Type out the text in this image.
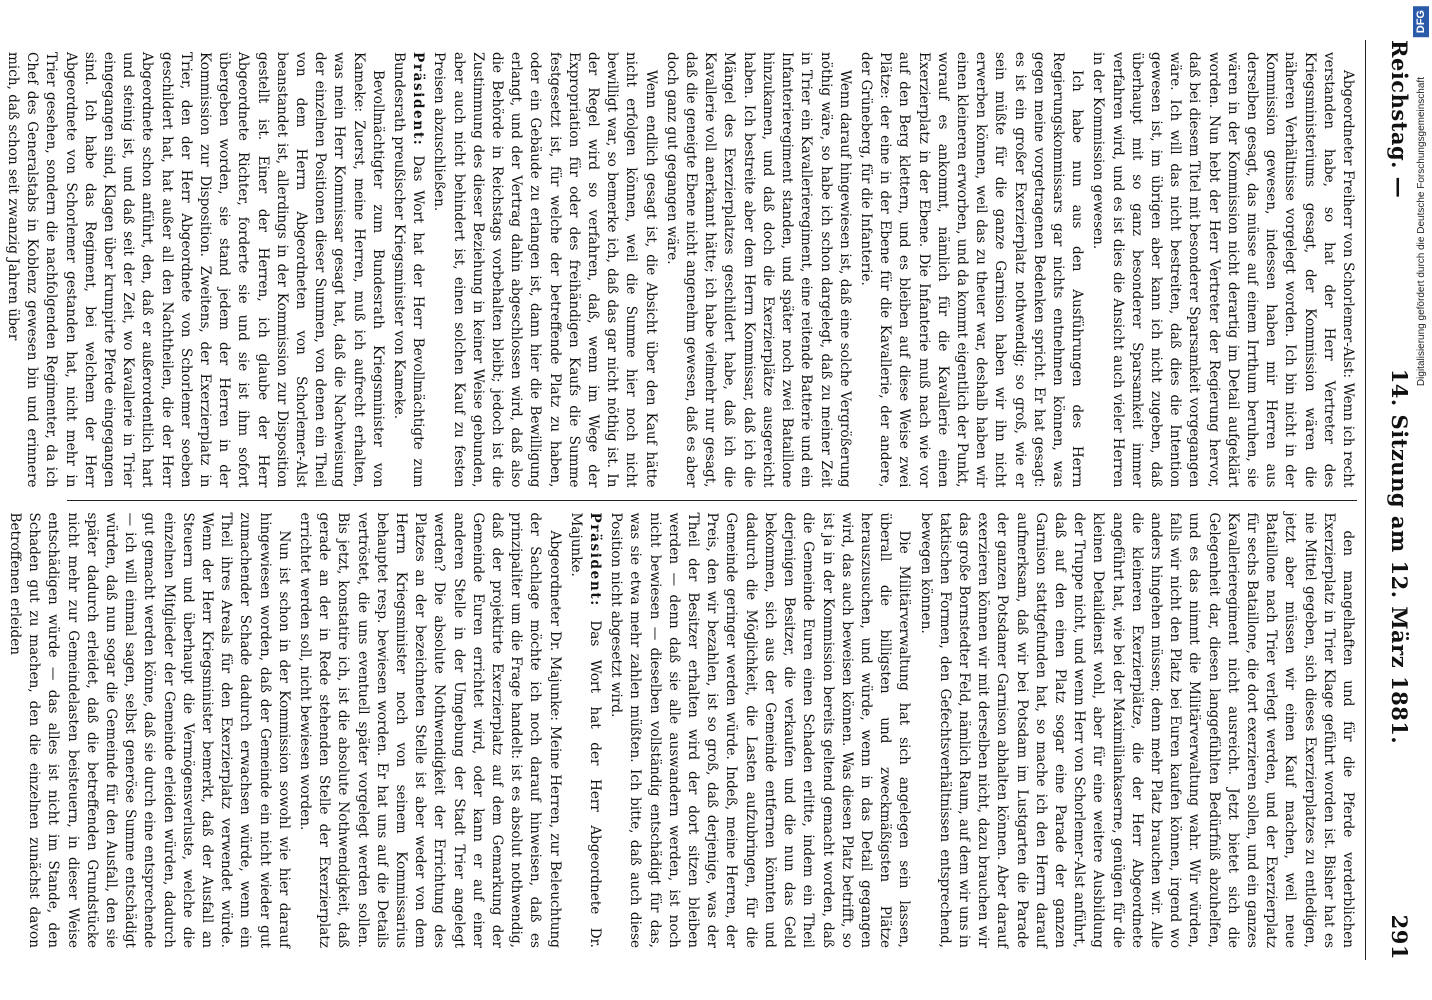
Reichstag. —
14. Sitzung am 12. März 1881.
291

Abgeordneter Freiherr von Schorlemer-Alst: Wenn ich recht verstanden habe, so hat der Herr Vertreter des Kriegsministeriums gesagt, der Kommission wären die näheren Verhältnisse vorgelegt worden. Ich bin nicht in der Kommission gewesen, indessen haben mir Herren aus derselben gesagt, das müsse auf einem Irrthum beruhen, sie wären in der Kommission nicht derartig im Detail aufgeklärt worden. Nun hebt der Herr Vertreter der Regierung hervor, daß bei diesem Titel mit besonderer Sparsamkeit vorgegangen wäre. Ich will das nicht bestreiten, daß dies die Intention gewesen ist, im übrigen aber kann ich nicht zugeben, daß überhaupt mit so ganz besonderer Sparsamkeit immer verfahren wird, und es ist dies die Ansicht auch vieler Herren in der Kommission gewesen.

Ich habe nun aus den Ausführungen des Herrn Regierungskommissars gar nichts entnehmen können, was gegen meine vorgetragenen Bedenken spricht. Er hat gesagt: es ist ein großer Exerzierplatz nothwendig; so groß, wie er sein müßte für die ganze Garnison haben wir ihn nicht erwerben können, weil das zu theuer war, deshalb haben wir einen kleineren erworben, und da kommt eigentlich der Punkt, worauf es ankommt, nämlich für die Kavallerie einen Exerzierplatz in der Ebene. Die Infanterie muß nach wie vor auf den Berg klettern, und es bleiben auf diese Weise zwei Plätze: der eine in der Ebene für die Kavallerie, der andere, der Grüneberg, für die Infanterie.

Wenn darauf hingewiesen ist, daß eine solche Vergrößerung nöthig wäre, so habe ich schon dargelegt, daß zu meiner Zeit in Trier ein Kavallerieregiment, eine reitende Batterie und ein Infanterieregiment standen, und später noch zwei Bataillone hinzukamen, und daß doch die Exerzierplätze ausgereicht haben. Ich bestreite aber dem Herrn Kommissar, daß ich die Mängel des Exerzierplatzes geschildert habe, daß ich die Kavallerie voll anerkannt hätte; ich habe vielmehr nur gesagt, daß die geneigte Ebene nicht angenehm gewesen, daß es aber doch ganz gut gegangen wäre.

Wenn endlich gesagt ist, die Absicht über den Kauf hätte nicht erfolgen können, weil die Summe hier noch nicht bewilligt war, so bemerke ich, daß das gar nicht nöthig ist. In der Regel wird so verfahren, daß, wenn im Wege der Expropriation für oder des freihändigen Kaufs die Summe festgesetzt ist, für welche der betreffende Platz zu haben, oder ein Gebäude zu erlangen ist, dann hier die Bewilligung erlangt, und der Vertrag dahin abgeschlossen wird, daß also die Behörde in Reichstags vorbehalten bleibt; jedoch ist die Zustimmung des dieser Beziehung in keiner Weise gebunden, aber auch nicht behindert ist, einen solchen Kauf zu festen Preisen abzuschließen.

Präsident: Das Wort hat der Herr Bevollmächtigte zum Bundesrath preußischer Kriegsminister von Kameke.

Bevollmächtigter zum Bundesrath Kriegsminister von Kameke: Zuerst, meine Herren, muß ich aufrecht erhalten, was mein Herr Kommissar gesagt hat, daß die Nachweisung der einzelnen Positionen dieser Summen, von denen ein Theil von dem Herrn Abgeordneten von Schorlemer-Alst beanstandet ist, allerdings in der Kommission zur Disposition gestellt ist. Einer der Herren, ich glaube der Herr Abgeordnete Richter, forderte sie und sie ist ihm sofort übergeben worden, sie stand jedem der Herren in der Kommission zur Disposition. Zweitens, der Exerzierplatz in Trier, den der Herr Abgeordnete von Schorlemer soeben geschildert hat, hat außer all den Nachtheilen, die der Herr Abgeordnete schon anführt, den, daß er außerordentlich hart und steinig ist, und daß seit der Zeit, wo Kavallerie in Trier eingegangen sind, Klagen über krumpirte Pferde eingegangen sind. Ich habe das Regiment, bei welchem der Herr Abgeordnete von Schorlemer gestanden hat, nicht mehr in Trier gesehen, sondern die nachfolgenden Regimenter, da ich Chef des Generalstabs in Koblenz gewesen bin und erinnere mich, daß schon seit zwanzig Jahren über

den mangelhaften und für die Pferde verderblichen Exerzierplatz in Trier Klage geführt worden ist. Bisher hat es nie Mittel gegeben, sich dieses Exerzierplatzes zu entledigen, jetzt aber müssen wir einen Kauf machen, weil neue Bataillone nach Trier verlegt werden, und der Exerzierplatz für sechs Bataillone, die dort exerzieren sollen, und ein ganzes Kavallerieregiment nicht ausreicht. Jetzt bietet sich die Gelegenheit dar, diesen langgefühlten Bedürfniß abzuhelfen, und es das nimmt die Militärverwaltung wahr. Wir würden, falls wir nicht den Platz bei Euren kaufen können, irgend wo anders hingehen müssen; denn mehr Platz brauchen wir. Alle die kleineren Exerzierplätze, die der Herr Abgeordnete angeführt hat, wie bei der Maximiliankaserne, genügen für die kleinen Detaildienst wohl, aber für eine weitere Ausbildung der Truppe nicht, und wenn Herr von Schorlemer-Alst anführt, daß auf den einen Platz sogar eine Parade der ganzen Garnison stattgefunden hat, so mache ich den Herrn darauf aufmerksam, daß wir bei Potsdam im Lustgarten die Parade der ganzen Potsdamer Garnison abhalten können. Aber darauf exerzieren können wir mit derselben nicht, dazu brauchen wir das große Bornstedter Feld, nämlich Raum, auf dem wir uns in taktischen Formen, den Gefechtsverhältnissen entsprechend, bewegen können.

Die Militärverwaltung hat sich angelegen sein lassen, überall die billigsten und zweckmäßigsten Plätze herauszusuchen, und würde, wenn in das Detail gegangen wird, das auch beweisen können. Was diesen Platz betrifft, so ist ja in der Kommission bereits geltend gemacht worden, daß die Gemeinde Euren einen Schaden erlitte, indem ein Theil derjenigen Besitzer, die verkaufen und die nun das Geld bekommen, sich aus der Gemeinde entfernen könnten und dadurch die Möglichkeit, die Lasten aufzubringen, für die Gemeinde geringer werden würde. Indeß, meine Herren, der Preis, den wir bezahlen, ist so groß, daß derjenige, was der Theil der Besitzer erhalten wird der dort sitzen bleiben werden — denn daß sie alle auswandern werden, ist noch nicht bewiesen — dieselben vollständig entschädigt für das, was sie etwa mehr zahlen müßten. Ich bitte, daß auch diese Position nicht abgesetzt wird.

Präsident: Das Wort hat der Herr Abgeordnete Dr. Majunke.

Abgeordneter Dr. Majunke: Meine Herren, zur Beleuchtung der Sachlage möchte ich noch darauf hinweisen, daß es prinzipaliter um die Frage handelt: ist es absolut nothwendig, daß der projektirte Exerzierplatz auf dem Gemarkung der Gemeinde Euren errichtet wird, oder kann er auf einer anderen Stelle in der Umgebung der Stadt Trier angelegt werden? Die absolute Nothwendigkeit der Errichtung des Platzes an der bezeichneten Stelle ist aber weder von dem Herrn Kriegsminister noch von seinem Kommissarius behauptet resp. bewiesen worden. Er hat uns auf die Details vertröstet, die uns eventuell später vorgelegt werden sollen. Bis jetzt, konstatire ich, ist die absolute Nothwendigkeit, daß gerade an der in Rede stehenden Stelle der Exerzierplatz errichtet werden soll, nicht bewiesen worden.

Nun ist schon in der Kommission sowohl wie hier darauf hingewiesen worden, daß der Gemeinde ein nicht wieder gut zumachender Schade dadurch erwachsen würde, wenn ein Theil ihres Areals für den Exerzierplatz verwendet würde. Wenn der Herr Kriegsminister bemerkt, daß der Ausfall an Steuern und überhaupt die Vermögensverluste, welche die einzelnen Mitglieder der Gemeinde erleiden würden, dadurch gut gemacht werden könne, daß sie durch eine entsprechende — ich will einmal sagen, selbst generöse Summe entschädigt würden, daß nun sogar die Gemeinde für den Ausfall, den sie später dadurch erleidet, daß die betreffenden Grundstücke nicht mehr zur Gemeindelasten beisteuern, in dieser Weise entschädigen würde — das alles ist nicht im Stande, den Schaden gut zu machen, den die einzelnen zunächst davon Betroffenen erleiden

DFG
Digitalisierung gefördert durch die Deutsche Forschungsgemeinschaft
